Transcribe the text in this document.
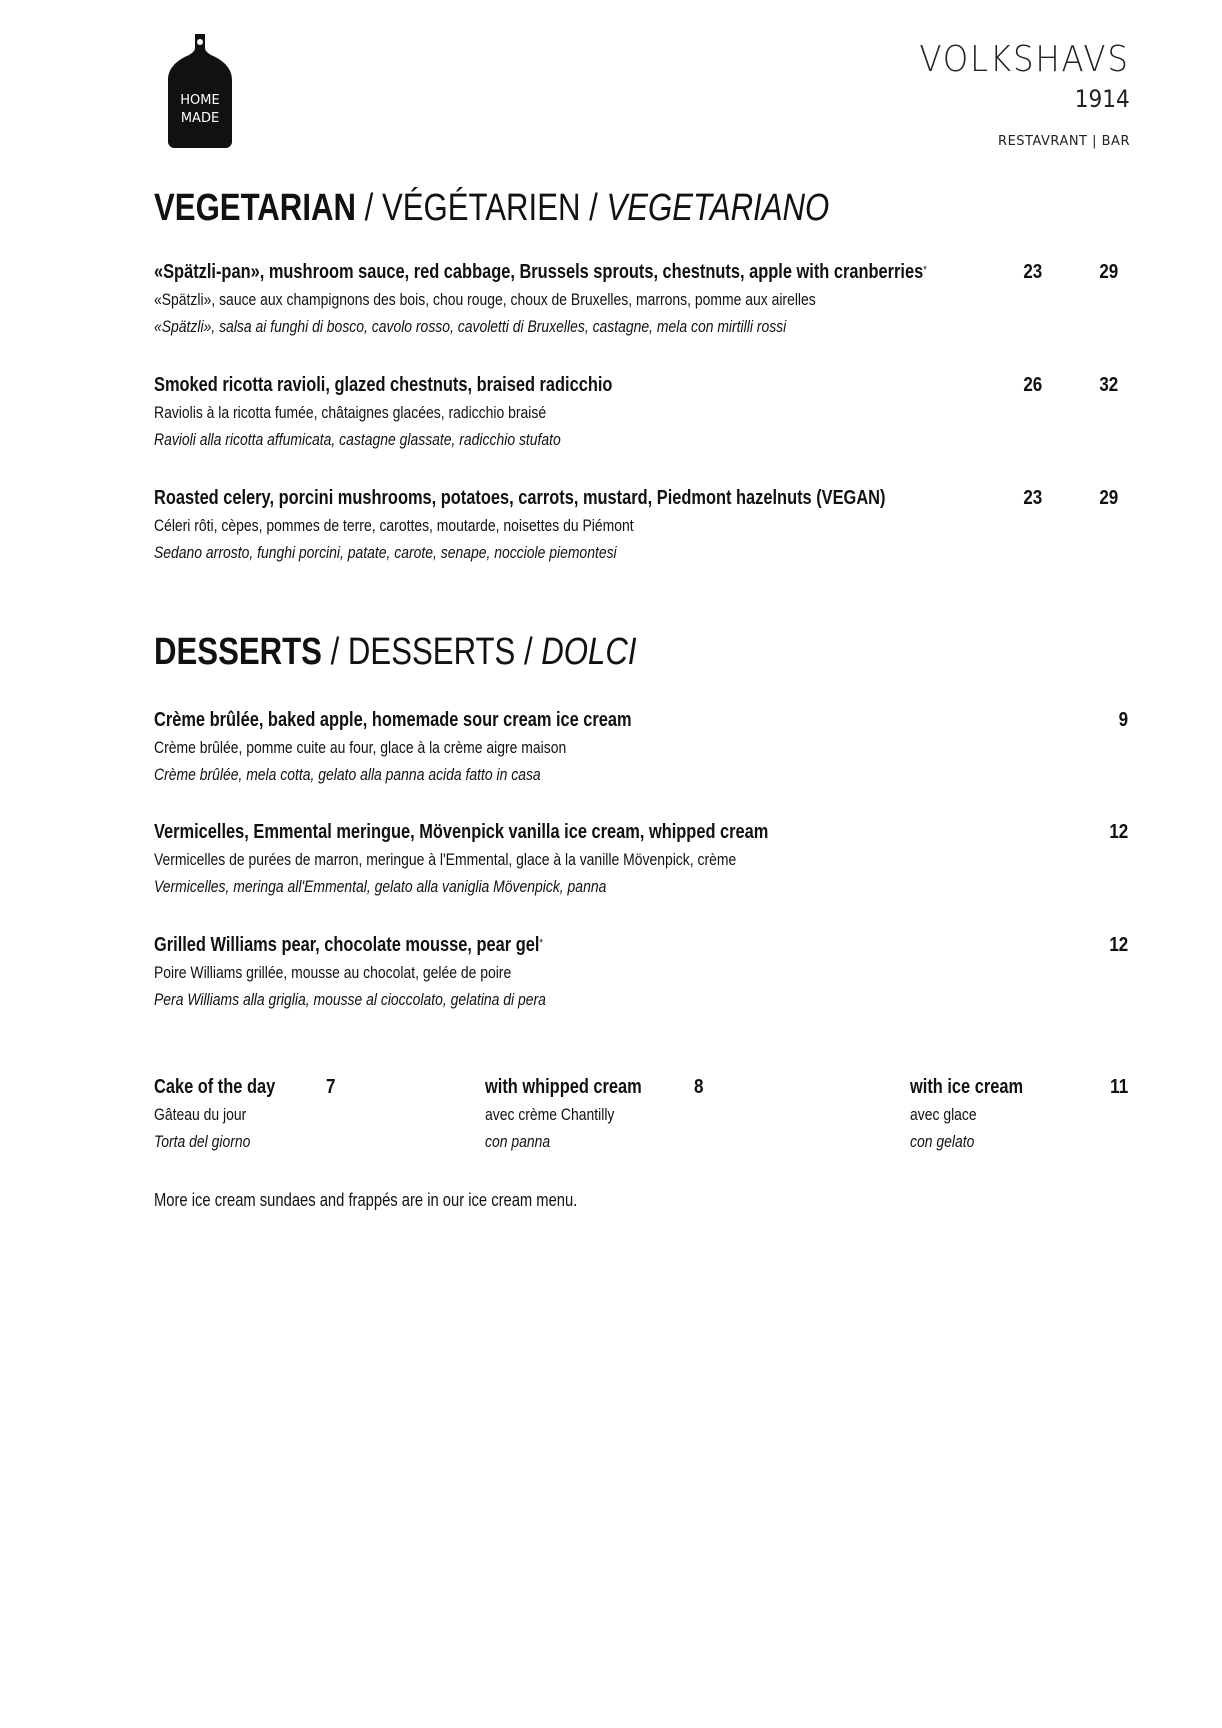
HOME
MADE
VOLKSHAVS
1914
RESTAVRANT | BAR
VEGETARIAN / VÉGÉTARIEN / VEGETARIANO
«Spätzli-pan», mushroom sauce, red cabbage, Brussels sprouts, chestnuts, apple with cranberries*
«Spätzli», sauce aux champignons des bois, chou rouge, choux de Bruxelles, marrons, pomme aux airelles
«Spätzli», salsa ai funghi di bosco, cavolo rosso, cavoletti di Bruxelles, castagne, mela con mirtilli rossi
23	29
Smoked ricotta ravioli, glazed chestnuts, braised radicchio
Raviolis à la ricotta fumée, châtaignes glacées, radicchio braisé
Ravioli alla ricotta affumicata, castagne glassate, radicchio stufato
26	32
Roasted celery, porcini mushrooms, potatoes, carrots, mustard, Piedmont hazelnuts (VEGAN)
Céleri rôti, cèpes, pommes de terre, carottes, moutarde, noisettes du Piémont
Sedano arrosto, funghi porcini, patate, carote, senape, nocciole piemontesi
23	29
DESSERTS / DESSERTS / DOLCI
Crème brûlée, baked apple, homemade sour cream ice cream
Crème brûlée, pomme cuite au four, glace à la crème aigre maison
Crème brûlée, mela cotta, gelato alla panna acida fatto in casa
9
Vermicelles, Emmental meringue, Mövenpick vanilla ice cream, whipped cream
Vermicelles de purées de marron, meringue à l'Emmental, glace à la vanille Mövenpick, crème
Vermicelles, meringa all'Emmental, gelato alla vaniglia Mövenpick, panna
12
Grilled Williams pear, chocolate mousse, pear gel*
Poire Williams grillée, mousse au chocolat, gelée de poire
Pera Williams alla griglia, mousse al cioccolato, gelatina di pera
12
Cake of the day
Gâteau du jour
Torta del giorno
7	with whipped cream
avec crème Chantilly
con panna
8	with ice cream
avec glace
con gelato
11
More ice cream sundaes and frappés are in our ice cream menu.
